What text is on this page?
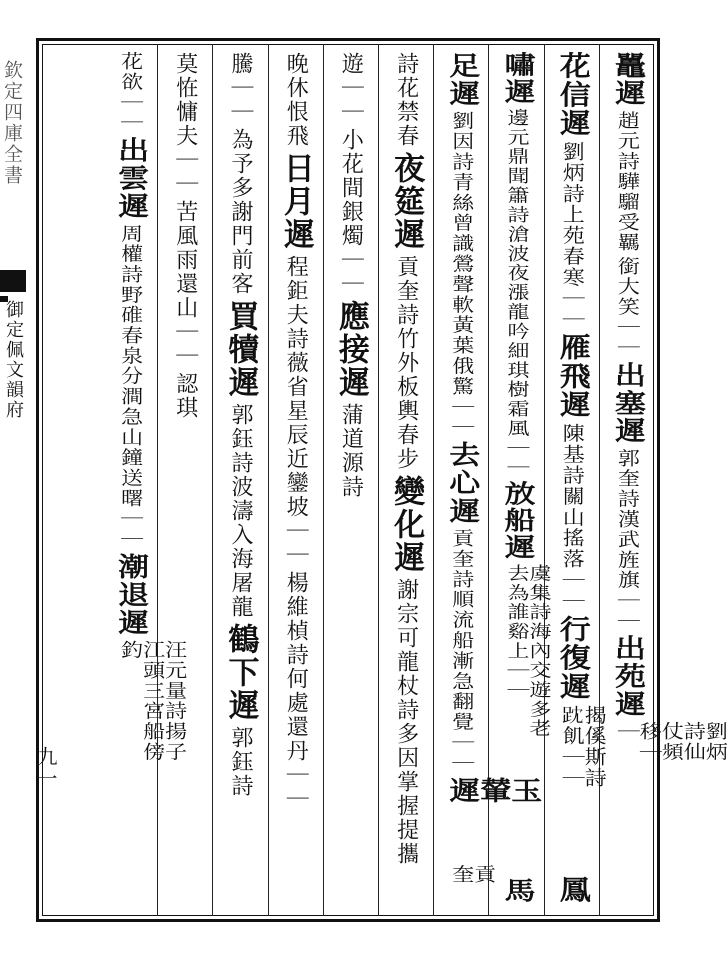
欽定四庫全書
御定佩文韻府
九一
鼉遲
趙元詩驊騮受羈
銜大笑｜｜
出塞遲
郭奎詩漢武旌旗｜｜
出苑遲
劉炳詩仙仗頻移｜｜
花信遲
劉炳詩上苑春寒｜｜
雁飛遲
陳基詩關山搖落｜｜
行復遲
揭傒斯詩𧿒飢｜｜
鳳
嘯遲
邊元鼎聞簫詩滄波夜漲龍吟細琪樹霜風｜｜
放船遲
虞集詩海內交遊多老去為誰谿上｜｜
馬
足遲
劉因詩青絲曾識鶯聲軟黃葉俄驚｜｜
去心遲
貢奎詩順流船漸急翻覺｜｜
玉輦遲
貢奎
詩花禁春
夜筵遲
貢奎詩竹外板輿春步
變化遲
謝宗可龍杖詩多因掌握提攜
遊｜｜
小花間銀燭｜｜
應接遲
蒲道源詩
晚休恨飛
日月遲
程鉅夫詩薇省星辰近鑾坡｜｜
楊維楨詩何處還丹｜｜
騰｜｜
為予多謝門前客
買犢遲
郭鈺詩波濤入海屠龍
鶴下遲
郭鈺詩
莫恠慵夫｜｜
苦風雨還山｜｜
認琪
花欲｜｜
出雲遲
周權詩野碓春泉分澗急山鐘送曙｜｜
潮退遲
汪元量詩揚子江頭三宮船傍釣
